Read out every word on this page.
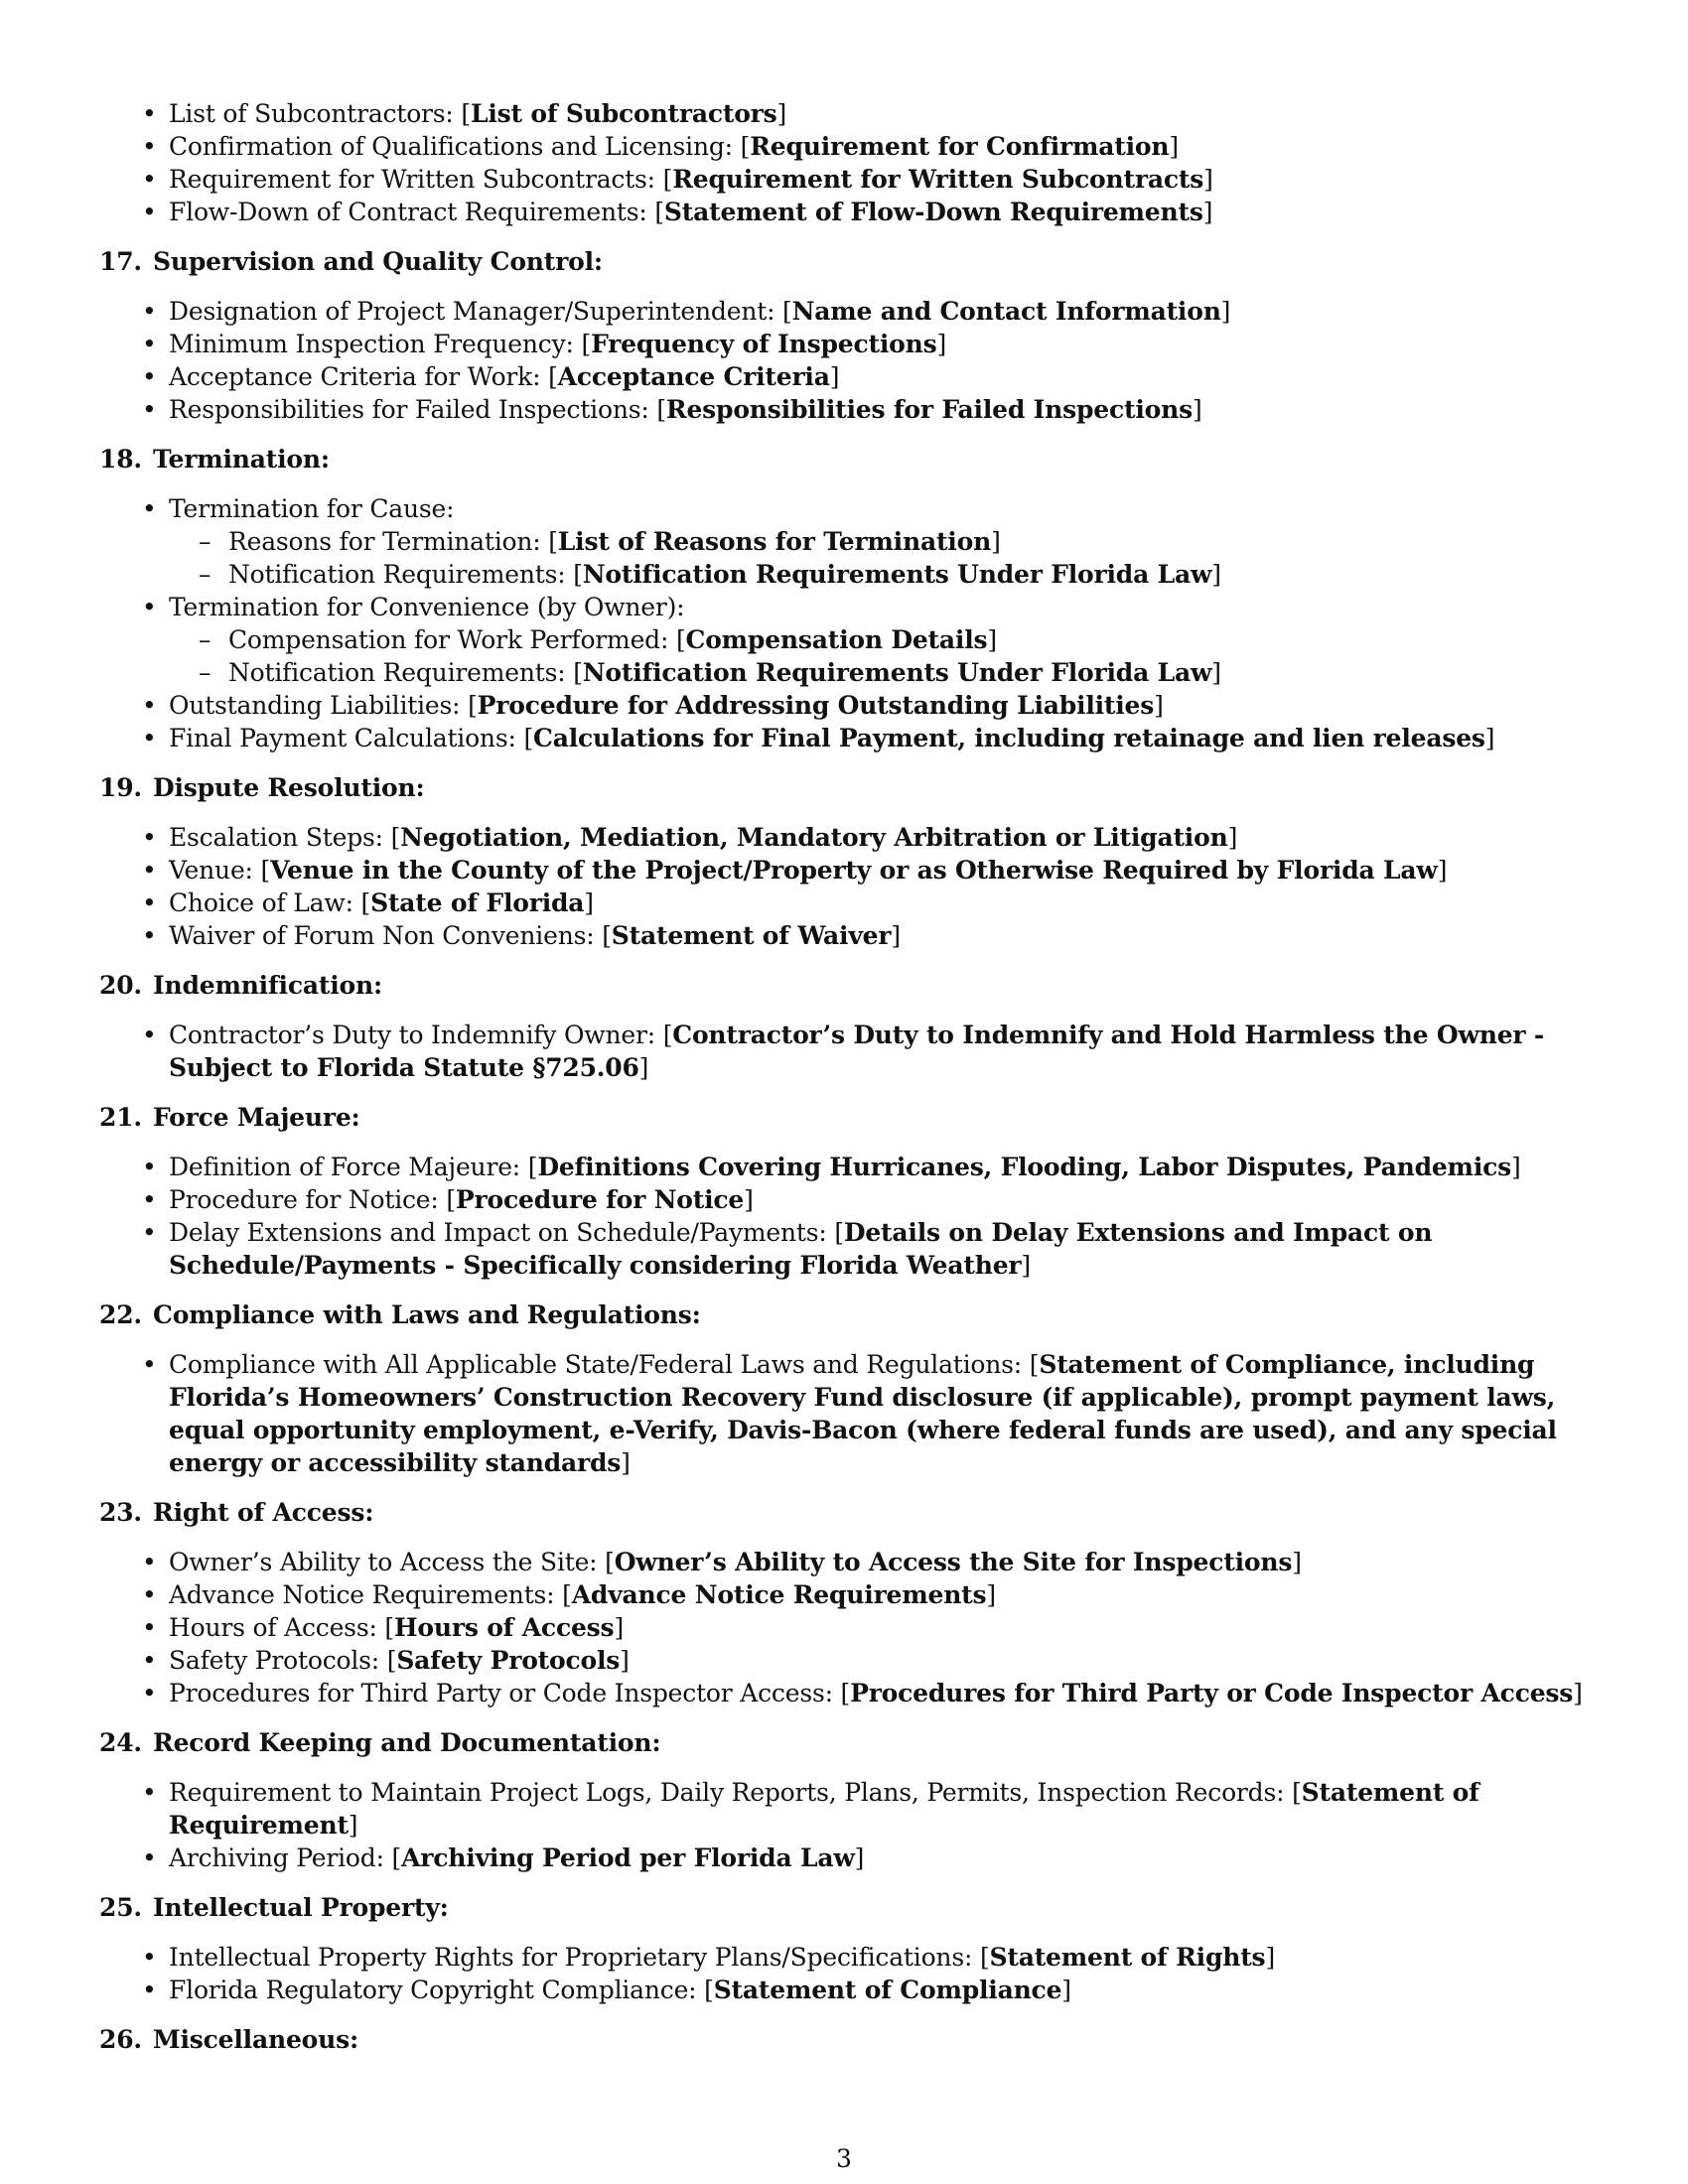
• List of Subcontractors: [List of Subcontractors]
• Confirmation of Qualifications and Licensing: [Requirement for Confirmation]
• Requirement for Written Subcontracts: [Requirement for Written Subcontracts]
• Flow-Down of Contract Requirements: [Statement of Flow-Down Requirements]
17. Supervision and Quality Control:
• Designation of Project Manager/Superintendent: [Name and Contact Information]
• Minimum Inspection Frequency: [Frequency of Inspections]
• Acceptance Criteria for Work: [Acceptance Criteria]
• Responsibilities for Failed Inspections: [Responsibilities for Failed Inspections]
18. Termination:
• Termination for Cause:
– Reasons for Termination: [List of Reasons for Termination]
– Notification Requirements: [Notification Requirements Under Florida Law]
• Termination for Convenience (by Owner):
– Compensation for Work Performed: [Compensation Details]
– Notification Requirements: [Notification Requirements Under Florida Law]
• Outstanding Liabilities: [Procedure for Addressing Outstanding Liabilities]
• Final Payment Calculations: [Calculations for Final Payment, including retainage and lien releases]
19. Dispute Resolution:
• Escalation Steps: [Negotiation, Mediation, Mandatory Arbitration or Litigation]
• Venue: [Venue in the County of the Project/Property or as Otherwise Required by Florida Law]
• Choice of Law: [State of Florida]
• Waiver of Forum Non Conveniens: [Statement of Waiver]
20. Indemnification:
• Contractor’s Duty to Indemnify Owner: [Contractor’s Duty to Indemnify and Hold Harmless the Owner - Subject to Florida Statute §725.06]
21. Force Majeure:
• Definition of Force Majeure: [Definitions Covering Hurricanes, Flooding, Labor Disputes, Pandemics]
• Procedure for Notice: [Procedure for Notice]
• Delay Extensions and Impact on Schedule/Payments: [Details on Delay Extensions and Impact on Schedule/Payments - Specifically considering Florida Weather]
22. Compliance with Laws and Regulations:
• Compliance with All Applicable State/Federal Laws and Regulations: [Statement of Compliance, including Florida’s Homeowners’ Construction Recovery Fund disclosure (if applicable), prompt payment laws, equal opportunity employment, e-Verify, Davis-Bacon (where federal funds are used), and any special energy or accessibility standards]
23. Right of Access:
• Owner’s Ability to Access the Site: [Owner’s Ability to Access the Site for Inspections]
• Advance Notice Requirements: [Advance Notice Requirements]
• Hours of Access: [Hours of Access]
• Safety Protocols: [Safety Protocols]
• Procedures for Third Party or Code Inspector Access: [Procedures for Third Party or Code Inspector Access]
24. Record Keeping and Documentation:
• Requirement to Maintain Project Logs, Daily Reports, Plans, Permits, Inspection Records: [Statement of Requirement]
• Archiving Period: [Archiving Period per Florida Law]
25. Intellectual Property:
• Intellectual Property Rights for Proprietary Plans/Specifications: [Statement of Rights]
• Florida Regulatory Copyright Compliance: [Statement of Compliance]
26. Miscellaneous:
3
